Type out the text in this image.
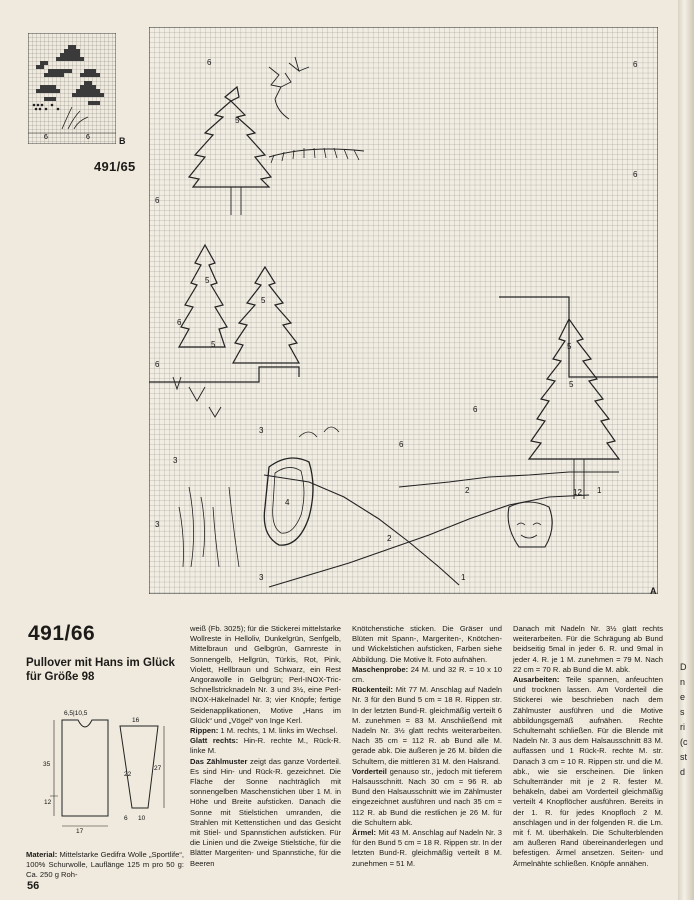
6	6	B
491/65
6	6
6
6
6
6
6
6
5
5
5
5
5
5
4
3
3
3
3
2
2
1
1
12
A
491/66

Pullover mit Hans im Glück für Größe 98

6,5|10,5
35
12
17
16
27
22
6 10

Material: Mittelstarke Gedifra Wolle „Sportlife“, 100% Schurwolle, Lauflänge 125 m pro 50 g: Ca. 250 g Roh-

weiß (Fb. 3025); für die Stickerei mittelstarke Wollreste in Helloliv, Dunkelgrün, Senfgelb, Mittelbraun und Gelbgrün, Garnreste in Sonnengelb, Hellgrün, Türkis, Rot, Pink, Violett, Hellbraun und Schwarz, ein Rest Angorawolle in Gelbgrün; Perl-INOX-Tric-Schnellstricknadeln Nr. 3 und 3½, eine Perl-INOX-Häkelnadel Nr. 3; vier Knöpfe; fertige Seidenapplikationen, Motive „Hans im Glück“ und „Vögel“ von Inge Kerl.

Rippen: 1 M. rechts, 1 M. links im Wechsel.

Glatt rechts: Hin-R. rechte M., Rück-R. linke M.

Das Zählmuster zeigt das ganze Vorderteil. Es sind Hin- und Rück-R. gezeichnet. Die Fläche der Sonne nachträglich mit sonnengelben Maschenstichen über 1 M. in Höhe und Breite aufsticken. Danach die Sonne mit Stielstichen umranden, die Strahlen mit Kettenstichen und das Gesicht mit Stiel- und Spannstichen aufsticken. Für die Linien und die Zweige Stielstiche, für die Blätter Margeriten- und Spannstiche, für die Beeren

Knötchenstiche sticken. Die Gräser und Blüten mit Spann-, Margeriten-, Knötchen- und Wickelstichen aufsticken, Farben siehe Abbildung. Die Motive lt. Foto aufnähen.

Maschenprobe: 24 M. und 32 R. = 10 x 10 cm.

Rückenteil: Mit 77 M. Anschlag auf Nadeln Nr. 3 für den Bund 5 cm = 18 R. Rippen str. In der letzten Bund-R. gleichmäßig verteilt 6 M. zunehmen = 83 M. Anschließend mit Nadeln Nr. 3½ glatt rechts weiterarbeiten. Nach 35 cm = 112 R. ab Bund alle M. gerade abk. Die äußeren je 26 M. bilden die Schultern, die mittleren 31 M. den Halsrand.

Vorderteil genauso str., jedoch mit tieferem Halsausschnitt. Nach 30 cm = 96 R. ab Bund den Halsausschnitt wie im Zählmuster eingezeichnet ausführen und nach 35 cm = 112 R. ab Bund die restlichen je 26 M. für die Schultern abk.

Ärmel: Mit 43 M. Anschlag auf Nadeln Nr. 3 für den Bund 5 cm = 18 R. Rippen str. In der letzten Bund-R. gleichmäßig verteilt 8 M. zunehmen = 51 M.

Danach mit Nadeln Nr. 3½ glatt rechts weiterarbeiten. Für die Schrägung ab Bund beidseitig 5mal in jeder 6. R. und 9mal in jeder 4. R. je 1 M. zunehmen = 79 M. Nach 22 cm = 70 R. ab Bund die M. abk.

Ausarbeiten: Teile spannen, anfeuchten und trocknen lassen. Am Vorderteil die Stickerei wie beschrieben nach dem Zählmuster ausführen und die Motive abbildungsgemäß aufnähen. Rechte Schulternaht schließen. Für die Blende mit Nadeln Nr. 3 aus dem Halsausschnitt 83 M. auffassen und 1 Rück-R. rechte M. str. Danach 3 cm = 10 R. Rippen str. und die M. abk., wie sie erscheinen. Die linken Schulterränder mit je 2 R. fester M. behäkeln, dabei am Vorderteil gleichmäßig verteilt 4 Knopflöcher ausführen. Bereits in der 1. R. für jedes Knopfloch 2 M. anschlagen und in der folgenden R. die Lm. mit f. M. überhäkeln. Die Schulterblenden am äußeren Rand übereinanderlegen und befestigen. Ärmel ansetzen. Seiten- und Ärmelnähte schließen. Knöpfe annähen.

56
D
n
e
s
ri
(c
st
d
